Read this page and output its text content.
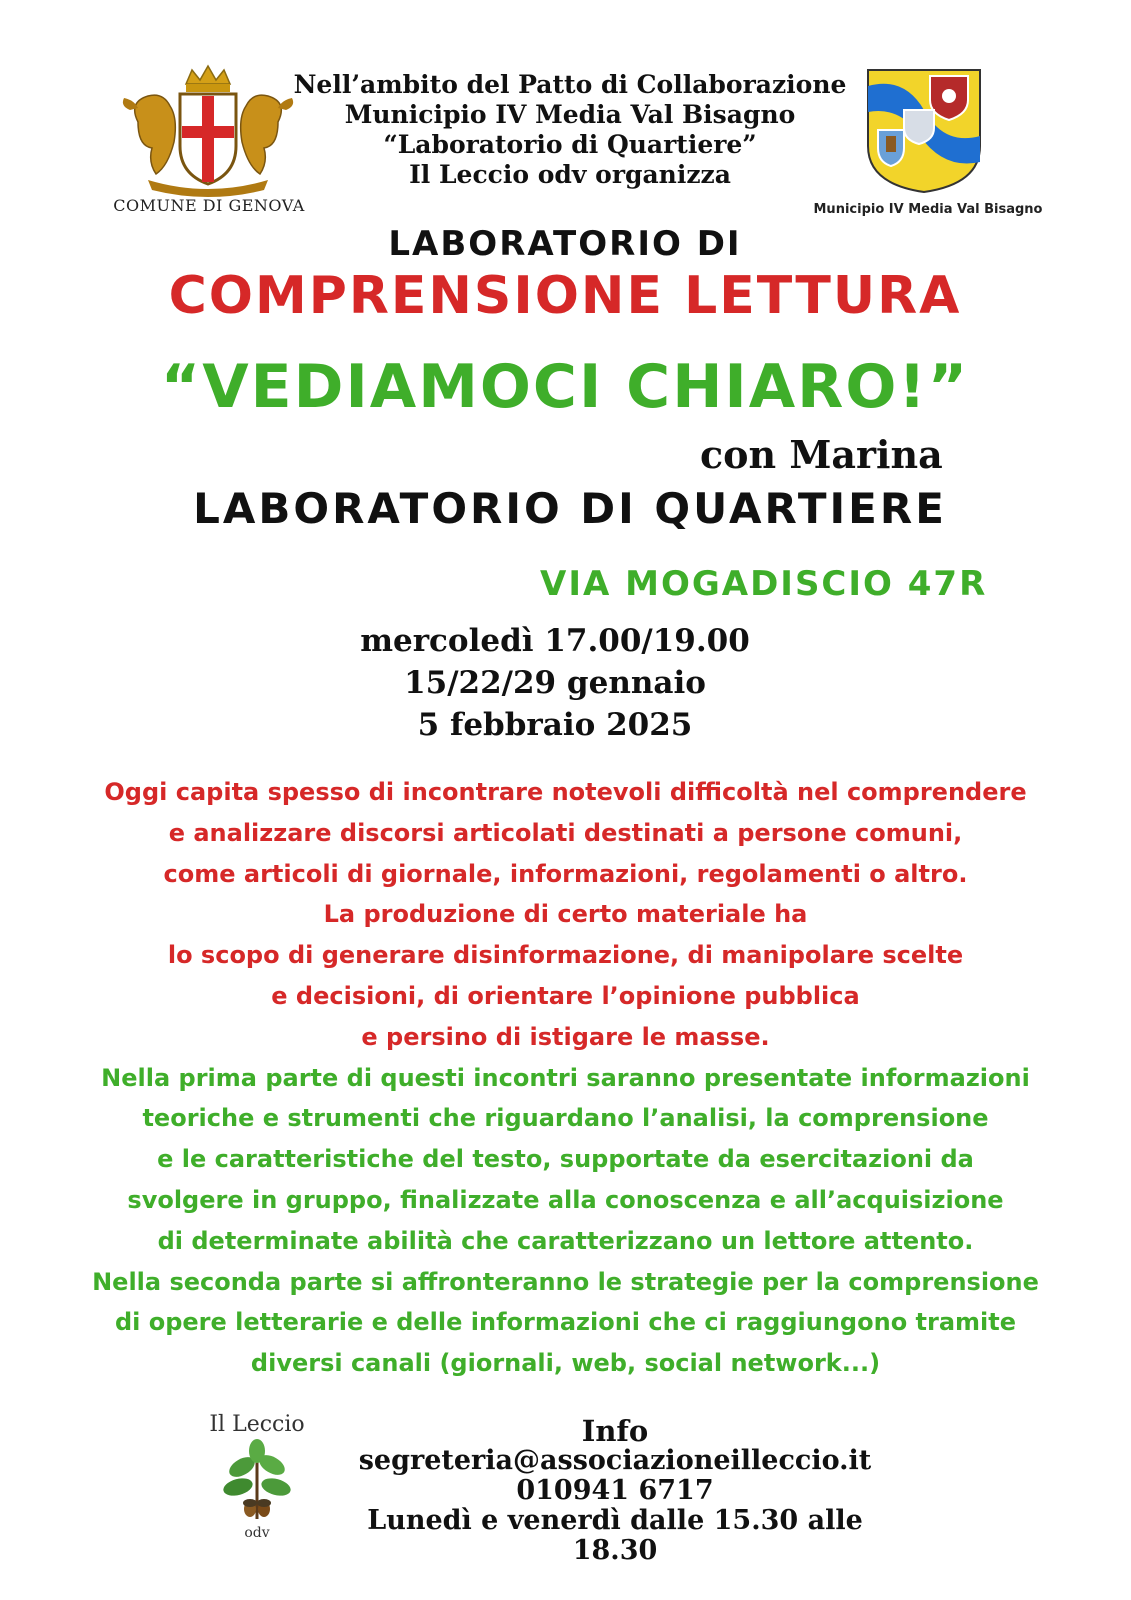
COMUNE DI GENOVA
Nell’ambito del Patto di Collaborazione
Municipio IV Media Val Bisagno
“Laboratorio di Quartiere”
Il Leccio odv organizza
Municipio IV Media Val Bisagno
LABORATORIO DI
COMPRENSIONE LETTURA
“VEDIAMOCI CHIARO!”
con Marina
LABORATORIO DI QUARTIERE
VIA MOGADISCIO 47R
mercoledì 17.00/19.00
15/22/29 gennaio
5 febbraio 2025
Oggi capita spesso di incontrare notevoli difficoltà nel comprendere
e analizzare discorsi articolati destinati a persone comuni,
come articoli di giornale, informazioni, regolamenti o altro.
La produzione di certo materiale ha
lo scopo di generare disinformazione, di manipolare scelte
e decisioni, di orientare l’opinione pubblica
e persino di istigare le masse.
Nella prima parte di questi incontri saranno presentate informazioni
teoriche e strumenti che riguardano l’analisi, la comprensione
e le caratteristiche del testo, supportate da esercitazioni da
svolgere in gruppo, finalizzate alla conoscenza e all’acquisizione
di determinate abilità che caratterizzano un lettore attento.
Nella seconda parte si affronteranno le strategie per la comprensione
di opere letterarie e delle informazioni che ci raggiungono tramite
diversi canali (giornali, web, social network...)
Il Leccio
odv
Info
segreteria@associazioneilleccio.it
010941 6717
Lunedì e venerdì dalle 15.30 alle 18.30
